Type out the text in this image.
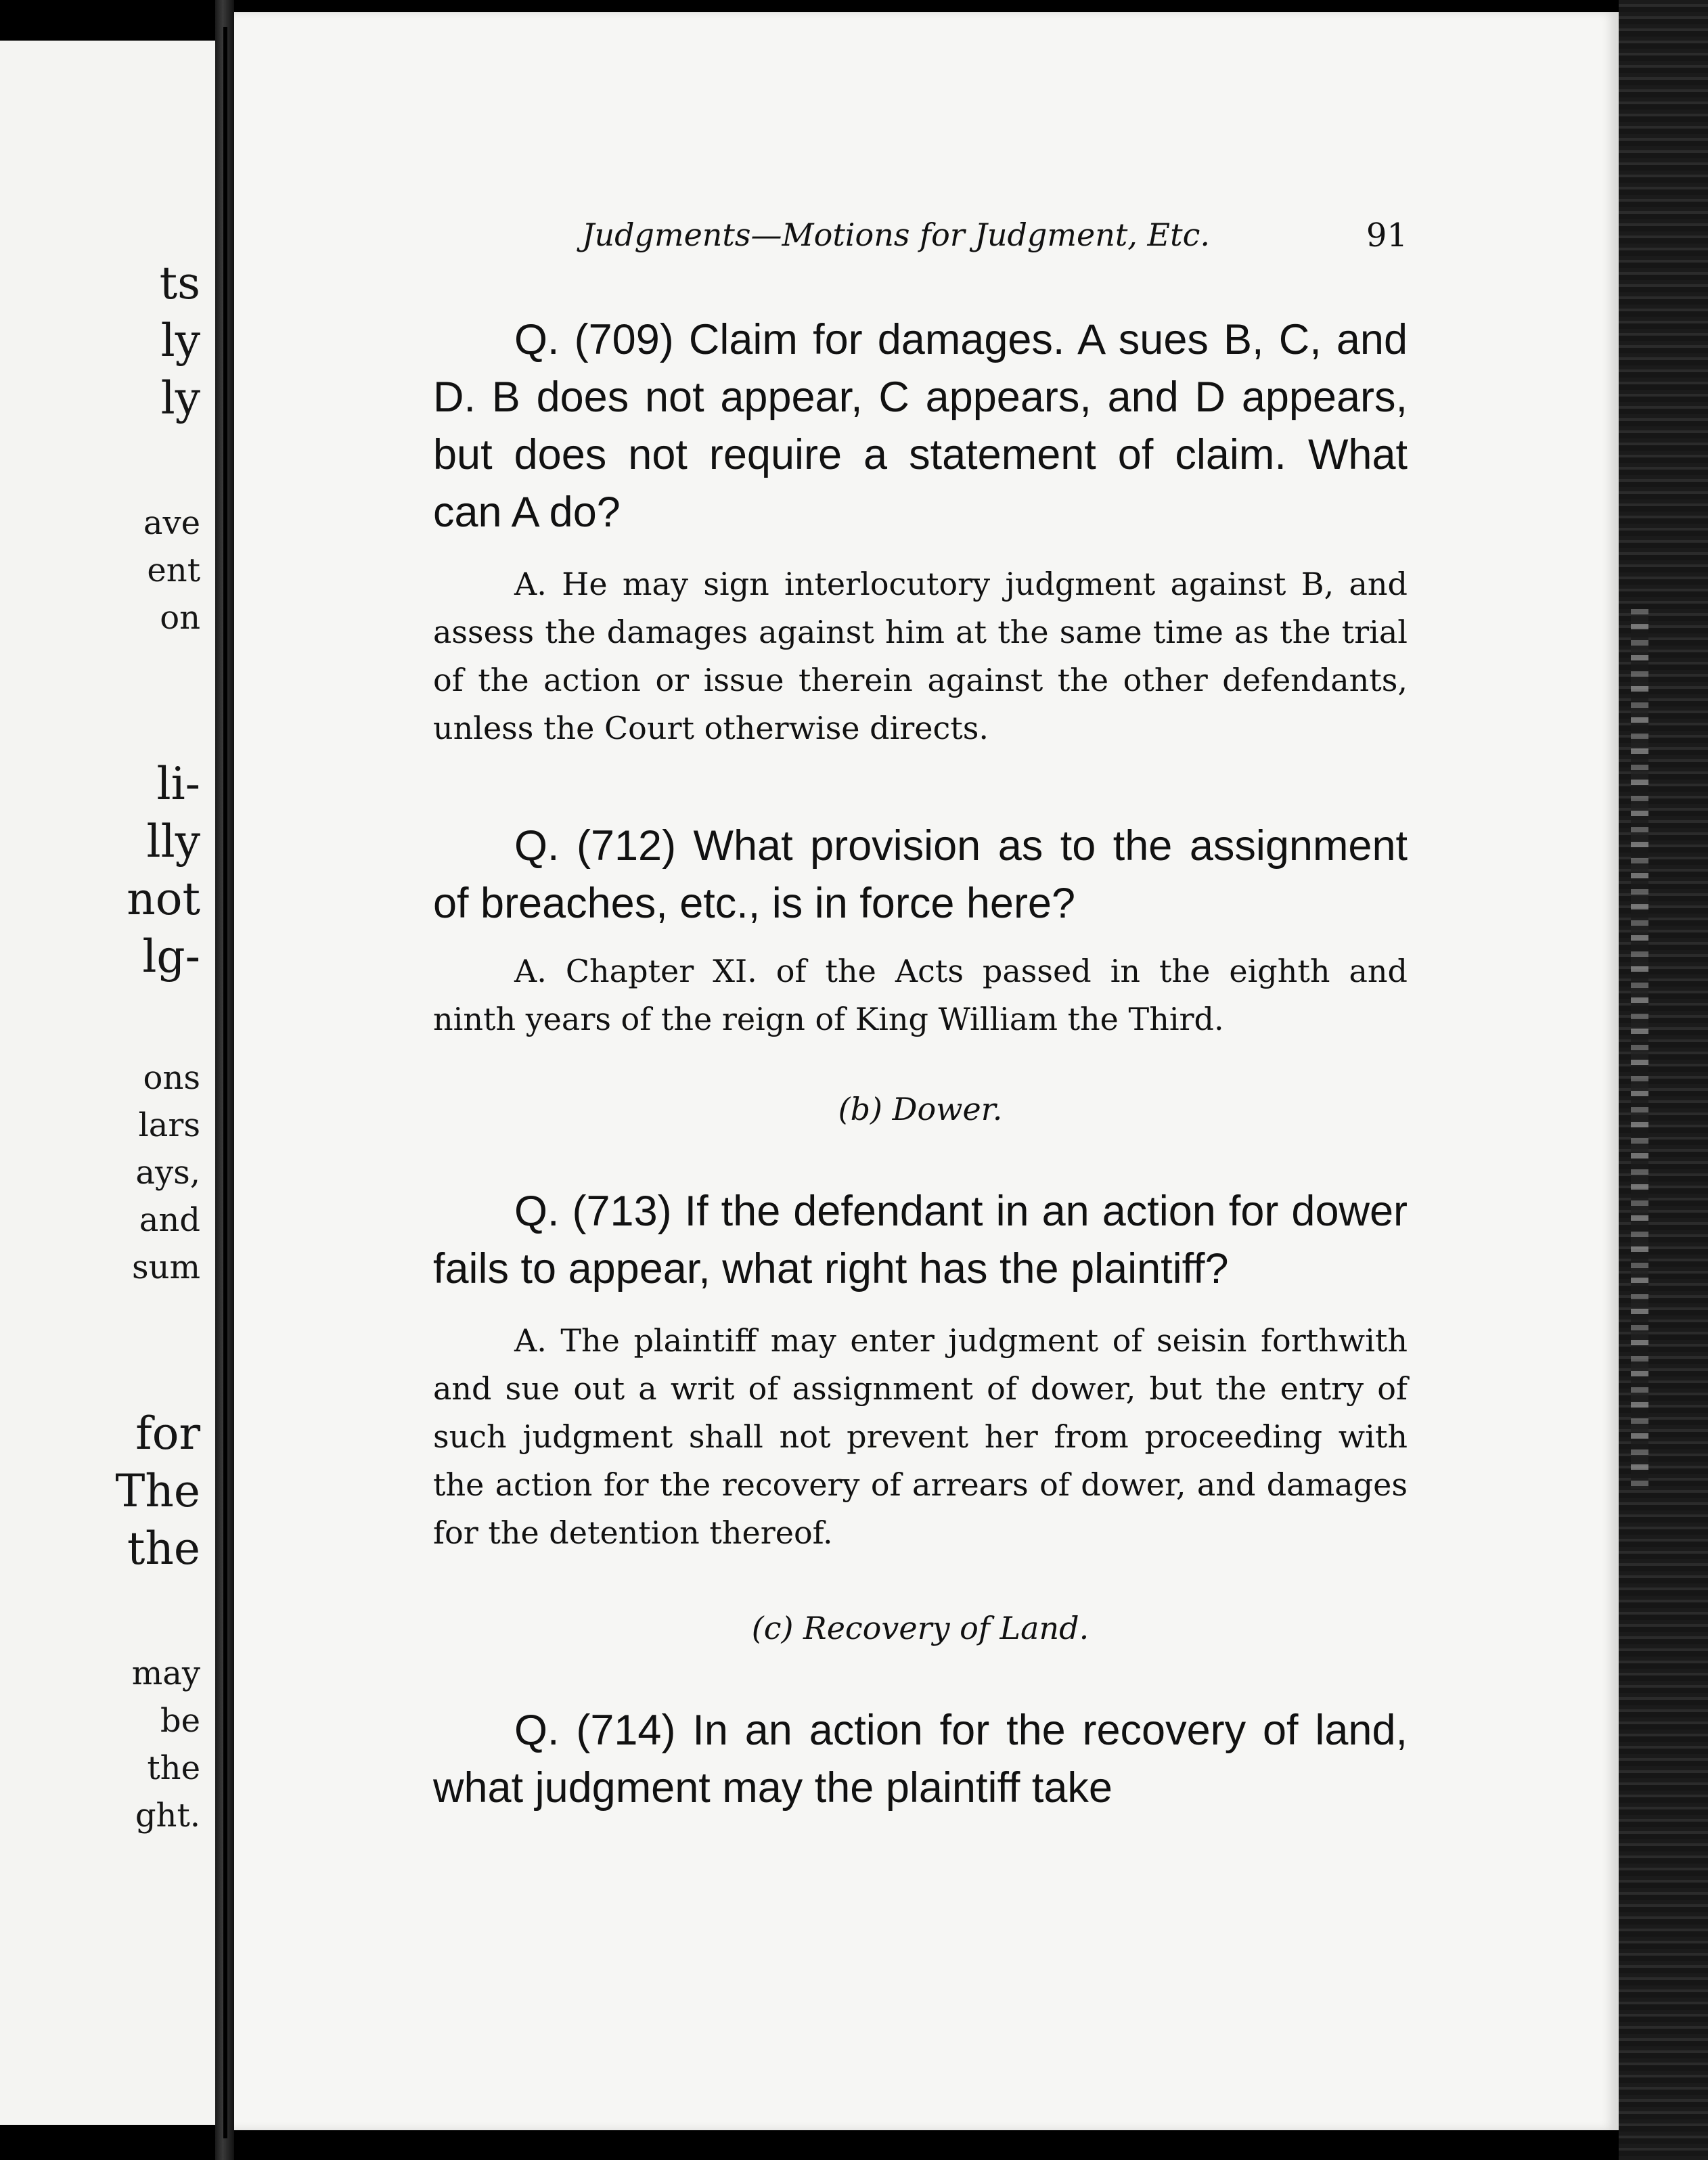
ts
ly
ly
ave
ent
on
li-
lly
not
lg-
ons
lars
ays,
and
sum
for
The
the
may
be
the
ght.
Judgments—Motions for Judgment, Etc.	91

Q. (709) Claim for damages. A sues B, C, and D. B does not appear, C appears, and D appears, but does not require a statement of claim. What can A do?

A. He may sign interlocutory judgment against B, and assess the damages against him at the same time as the trial of the action or issue therein against the other defendants, unless the Court otherwise directs.

Q. (712) What provision as to the assignment of breaches, etc., is in force here?

A. Chapter XI. of the Acts passed in the eighth and ninth years of the reign of King William the Third.

(b) Dower.

Q. (713) If the defendant in an action for dower fails to appear, what right has the plaintiff?

A. The plaintiff may enter judgment of seisin forthwith and sue out a writ of assignment of dower, but the entry of such judgment shall not prevent her from proceeding with the action for the recovery of arrears of dower, and damages for the detention thereof.

(c) Recovery of Land.

Q. (714) In an action for the recovery of land, what judgment may the plaintiff take
